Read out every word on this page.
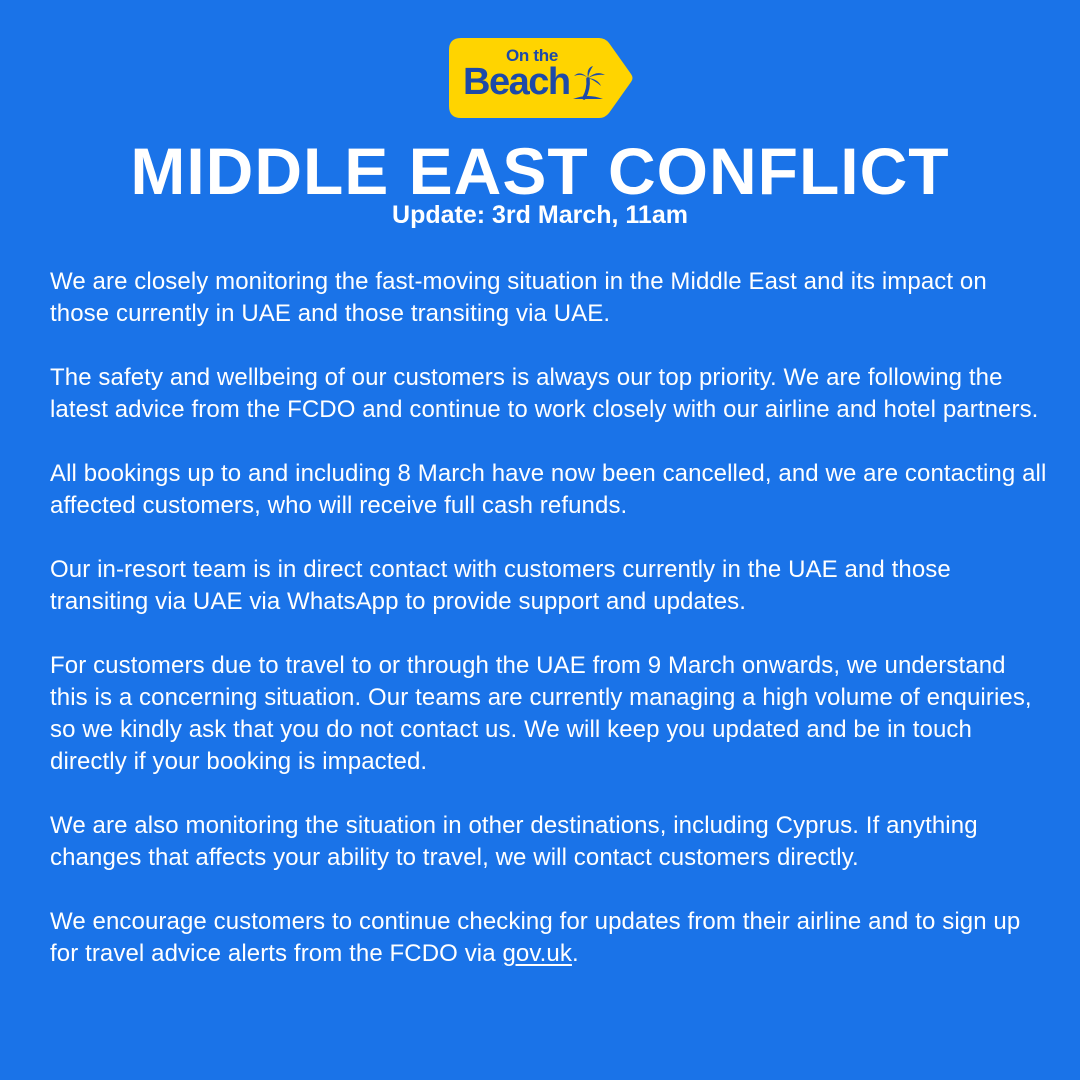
On the
Beach
MIDDLE EAST CONFLICT
Update: 3rd March, 11am

We are closely monitoring the fast-moving situation in the Middle East and its impact on those currently in UAE and those transiting via UAE.

The safety and wellbeing of our customers is always our top priority. We are following the latest advice from the FCDO and continue to work closely with our airline and hotel partners.

All bookings up to and including 8 March have now been cancelled, and we are contacting all affected customers, who will receive full cash refunds.

Our in-resort team is in direct contact with customers currently in the UAE and those transiting via UAE via WhatsApp to provide support and updates.

For customers due to travel to or through the UAE from 9 March onwards, we understand this is a concerning situation. Our teams are currently managing a high volume of enquiries, so we kindly ask that you do not contact us. We will keep you updated and be in touch directly if your booking is impacted.

We are also monitoring the situation in other destinations, including Cyprus. If anything changes that affects your ability to travel, we will contact customers directly.

We encourage customers to continue checking for updates from their airline and to sign up for travel advice alerts from the FCDO via gov.uk.
